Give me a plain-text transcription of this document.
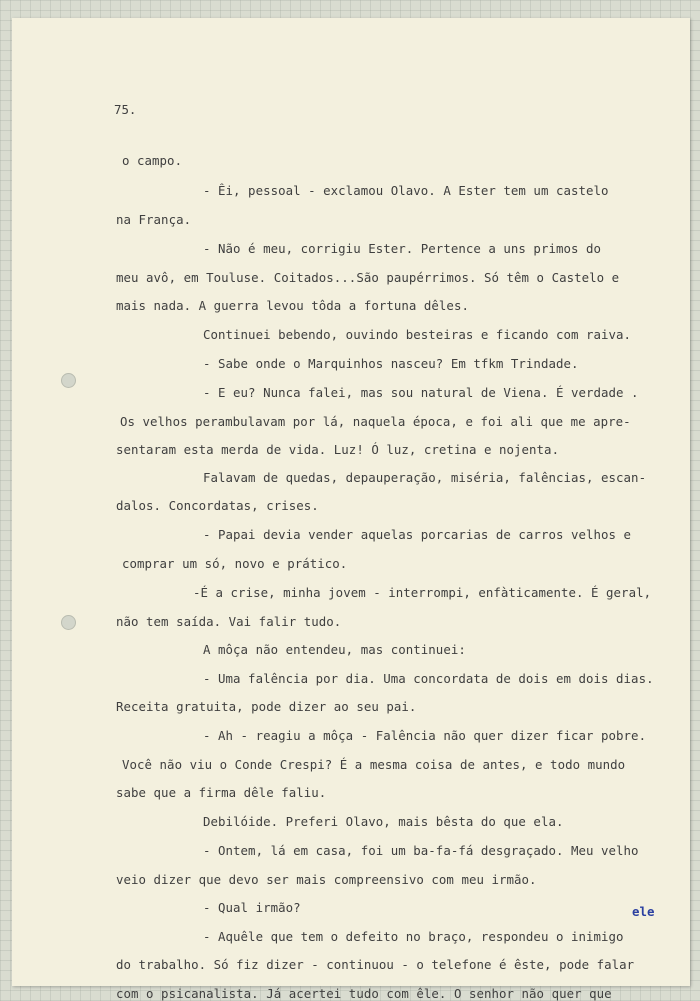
75.
o campo.
- Êi, pessoal - exclamou Olavo. A Ester tem um castelo
na França.
- Não é meu, corrigiu Ester. Pertence a uns primos do
meu avô, em Touluse. Coitados...São paupérrimos. Só têm o Castelo e
mais nada. A guerra levou tôda a fortuna dêles.
Continuei bebendo, ouvindo besteiras e ficando com raiva.
- Sabe onde o Marquinhos nasceu? Em tfkm Trindade.
- E eu? Nunca falei, mas sou natural de Viena. É verdade .
Os velhos perambulavam por lá, naquela época, e foi ali que me apre-
sentaram esta merda de vida. Luz! Ó luz, cretina e nojenta.
Falavam de quedas, depauperação, miséria, falências, escan-
dalos. Concordatas, crises.
- Papai devia vender aquelas porcarias de carros velhos e
comprar um só, novo e prático.
-É a crise, minha jovem - interrompi, enfàticamente. É geral,
não tem saída. Vai falir tudo.
A môça não entendeu, mas continuei:
- Uma falência por dia. Uma concordata de dois em dois dias.
Receita gratuita, pode dizer ao seu pai.
- Ah - reagiu a môça - Falência não quer dizer ficar pobre.
Você não viu o Conde Crespi? É a mesma coisa de antes, e todo mundo
sabe que a firma dêle faliu.
Debilóide. Preferi Olavo, mais bêsta do que ela.
- Ontem, lá em casa, foi um ba-fa-fá desgraçado. Meu velho
veio dizer que devo ser mais compreensivo com meu irmão.
- Qual irmão?
- Aquêle que tem o defeito no braço, respondeu o inimigo
do trabalho. Só fiz dizer - continuou - o telefone é êste, pode falar
com o psicanalista. Já acertei tudo com êle. O senhor não quer que
ele
